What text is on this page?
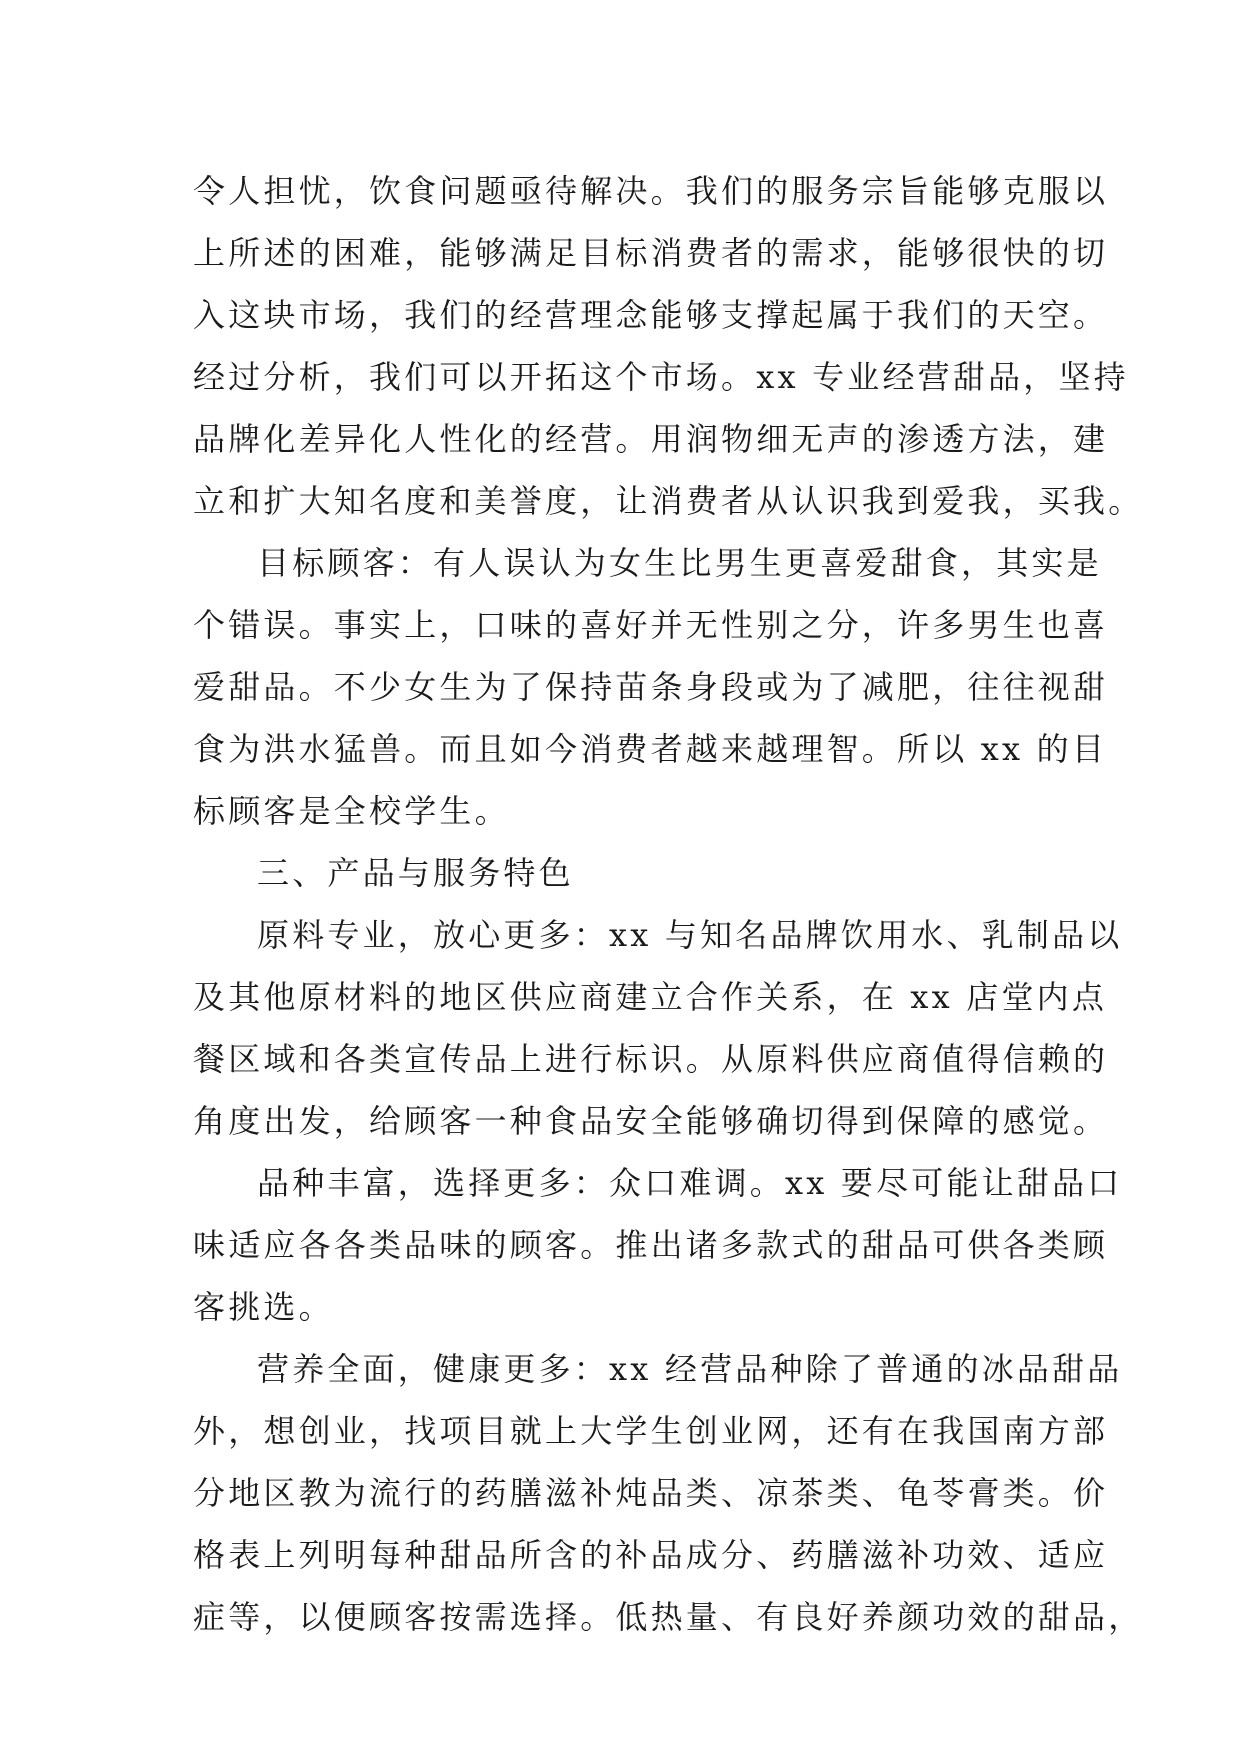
令人担忧，饮食问题亟待解决。我们的服务宗旨能够克服以
上所述的困难，能够满足目标消费者的需求，能够很快的切
入这块市场，我们的经营理念能够支撑起属于我们的天空。
经过分析，我们可以开拓这个市场。xx 专业经营甜品，坚持
品牌化差异化人性化的经营。用润物细无声的渗透方法，建
立和扩大知名度和美誉度，让消费者从认识我到爱我，买我。
目标顾客：有人误认为女生比男生更喜爱甜食，其实是
个错误。事实上，口味的喜好并无性别之分，许多男生也喜
爱甜品。不少女生为了保持苗条身段或为了减肥，往往视甜
食为洪水猛兽。而且如今消费者越来越理智。所以 xx 的目
标顾客是全校学生。
三、产品与服务特色
原料专业，放心更多：xx 与知名品牌饮用水、乳制品以
及其他原材料的地区供应商建立合作关系，在 xx 店堂内点
餐区域和各类宣传品上进行标识。从原料供应商值得信赖的
角度出发，给顾客一种食品安全能够确切得到保障的感觉。
品种丰富，选择更多：众口难调。xx 要尽可能让甜品口
味适应各各类品味的顾客。推出诸多款式的甜品可供各类顾
客挑选。
营养全面，健康更多：xx 经营品种除了普通的冰品甜品
外，想创业，找项目就上大学生创业网，还有在我国南方部
分地区教为流行的药膳滋补炖品类、凉茶类、龟苓膏类。价
格表上列明每种甜品所含的补品成分、药膳滋补功效、适应
症等，以便顾客按需选择。低热量、有良好养颜功效的甜品，
